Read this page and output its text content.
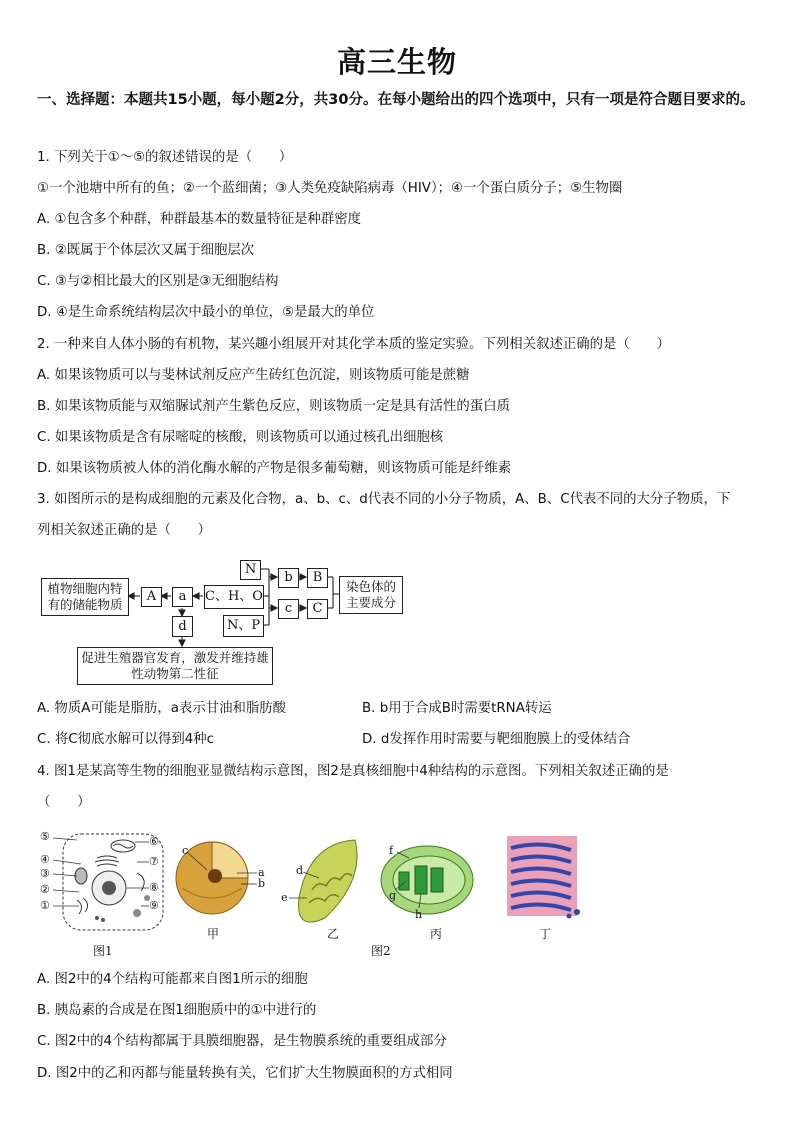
高三生物
一、选择题：本题共15小题，每小题2分，共30分。在每小题给出的四个选项中，只有一项是符合题目要求的。
1. 下列关于①～⑤的叙述错误的是（　　）
①一个池塘中所有的鱼；②一个蓝细菌；③人类免疫缺陷病毒（HIV）；④一个蛋白质分子；⑤生物圈
A. ①包含多个种群，种群最基本的数量特征是种群密度
B. ②既属于个体层次又属于细胞层次
C. ③与②相比最大的区别是③无细胞结构
D. ④是生命系统结构层次中最小的单位，⑤是最大的单位
2. 一种来自人体小肠的有机物，某兴趣小组展开对其化学本质的鉴定实验。下列相关叙述正确的是（　　）
A. 如果该物质可以与斐林试剂反应产生砖红色沉淀，则该物质可能是蔗糖
B. 如果该物质能与双缩脲试剂产生紫色反应，则该物质一定是具有活性的蛋白质
C. 如果该物质是含有尿嘧啶的核酸，则该物质可以通过核孔出细胞核
D. 如果该物质被人体的消化酶水解的产物是很多葡萄糖，则该物质可能是纤维素
3. 如图所示的是构成细胞的元素及化合物，a、b、c、d代表不同的小分子物质，A、B、C代表不同的大分子物质，下
列相关叙述正确的是（　　）
植物细胞内特有的储能物质
A	a	C、H、O
N
b	B
c	C
染色体的主要成分
d	N、P
促进生殖器官发育，激发并维持雄性动物第二性征
A. 物质A可能是脂肪，a表示甘油和脂肪酸	B. b用于合成B时需要tRNA转运
C. 将C彻底水解可以得到4种c	D. d发挥作用时需要与靶细胞膜上的受体结合
4. 图1是某高等生物的细胞亚显微结构示意图，图2是真核细胞中4种结构的示意图。下列相关叙述正确的是
（　　）
⑤
④
③
②
①
⑥
⑦
⑧
⑨
c
a
b
d
e
f
g
h
甲	乙	丙	丁
图1	图2
A. 图2中的4个结构可能都来自图1所示的细胞
B. 胰岛素的合成是在图1细胞质中的①中进行的
C. 图2中的4个结构都属于具膜细胞器，是生物膜系统的重要组成部分
D. 图2中的乙和丙都与能量转换有关，它们扩大生物膜面积的方式相同
